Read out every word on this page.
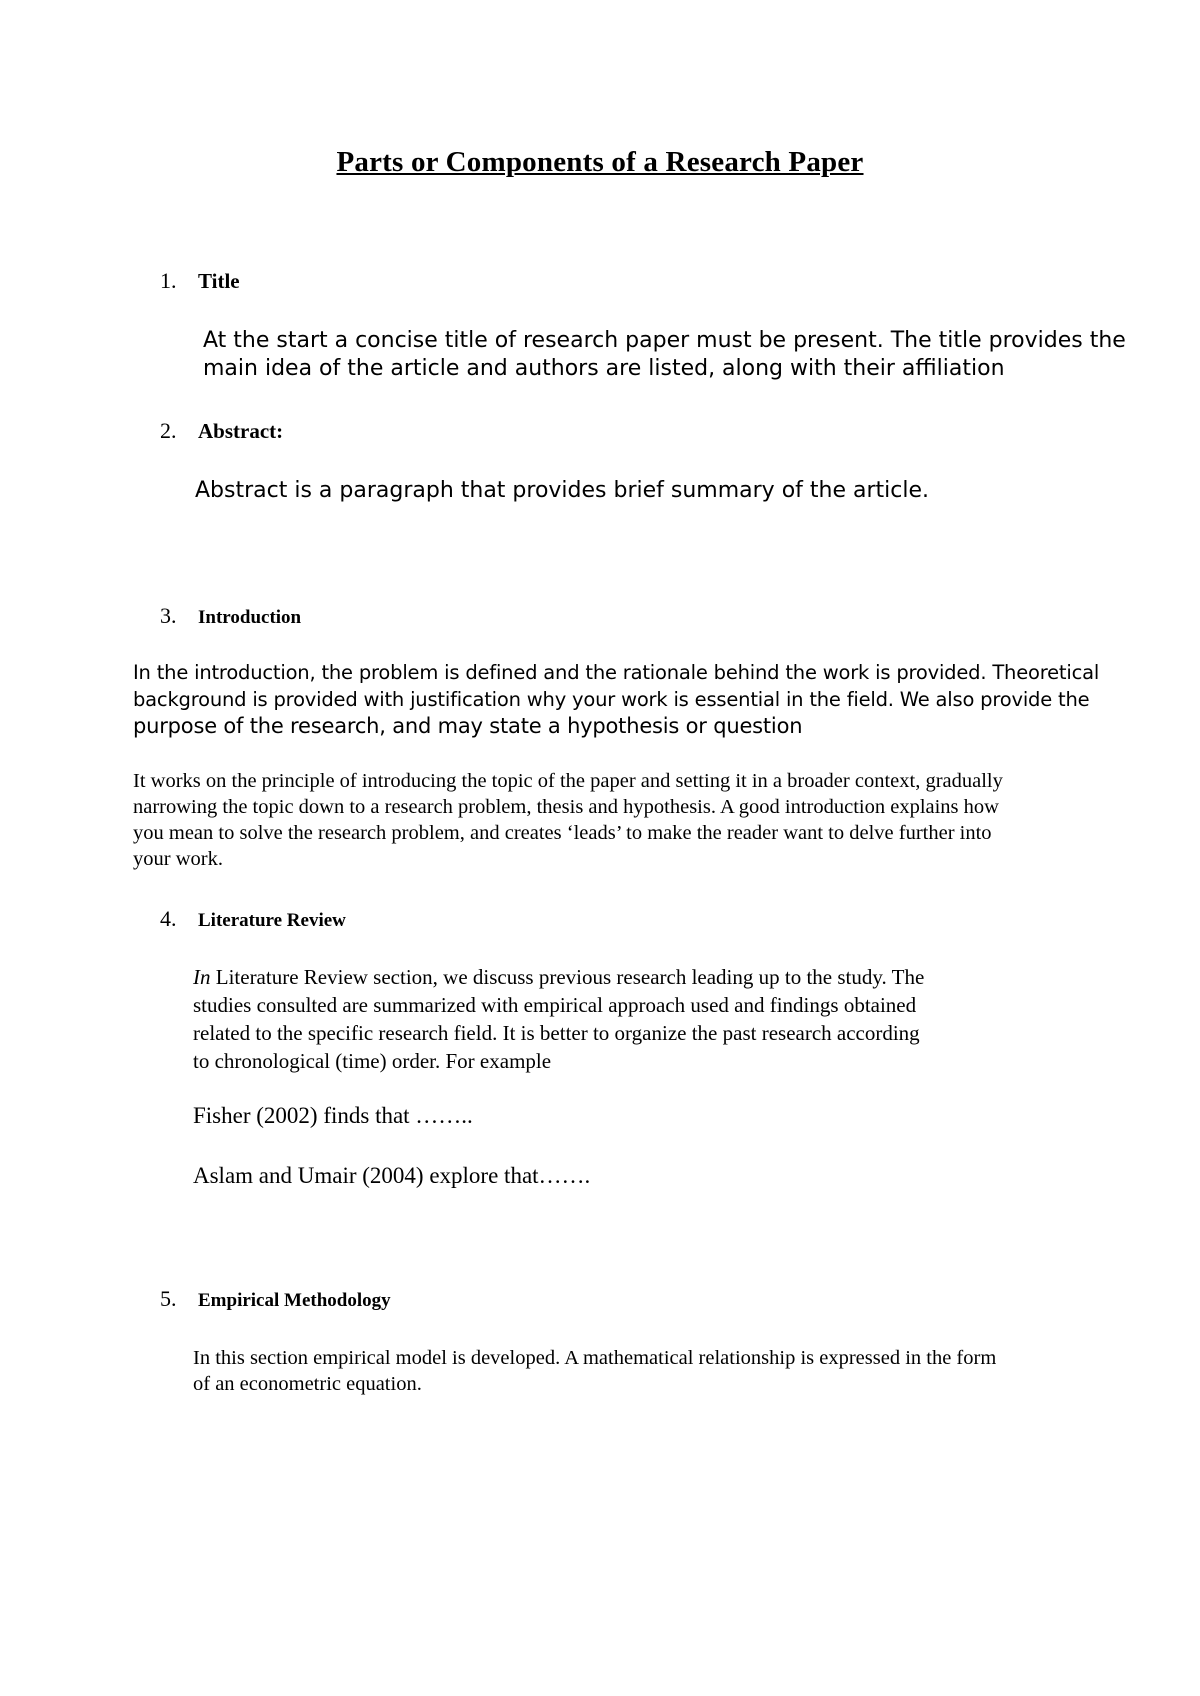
Parts or Components of a Research Paper
1. Title
At the start a concise title of research paper must be present. The title provides the
main idea of the article and authors are listed, along with their affiliation
2. Abstract:
Abstract is a paragraph that provides brief summary of the article.
3. Introduction
In the introduction, the problem is defined and the rationale behind the work is provided. Theoretical
background is provided with justification why your work is essential in the field. We also provide the
purpose of the research, and may state a hypothesis or question
It works on the principle of introducing the topic of the paper and setting it in a broader context, gradually
narrowing the topic down to a research problem, thesis and hypothesis. A good introduction explains how
you mean to solve the research problem, and creates ‘leads’ to make the reader want to delve further into
your work.
4. Literature Review
In Literature Review section, we discuss previous research leading up to the study. The
studies consulted are summarized with empirical approach used and findings obtained
related to the specific research field. It is better to organize the past research according
to chronological (time) order. For example
Fisher (2002) finds that ……..
Aslam and Umair (2004) explore that…….
5. Empirical Methodology
In this section empirical model is developed. A mathematical relationship is expressed in the form
of an econometric equation.
